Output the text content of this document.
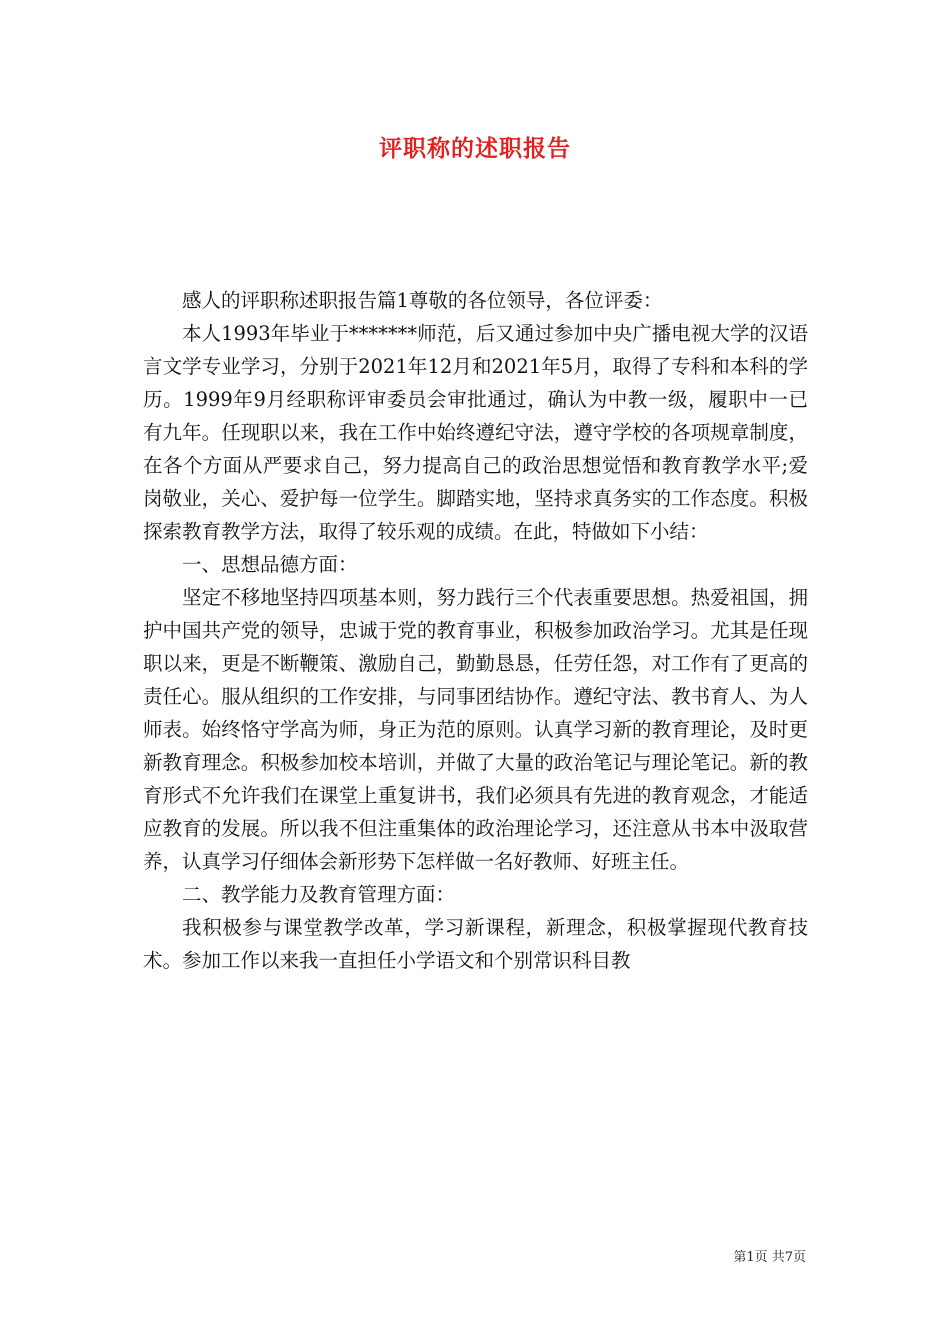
评职称的述职报告

感人的评职称述职报告篇1尊敬的各位领导，各位评委：

本人1993年毕业于*******师范，后又通过参加中央广播电视大学的汉语言文学专业学习，分别于2021年12月和2021年5月，取得了专科和本科的学历。1999年9月经职称评审委员会审批通过，确认为中教一级，履职中一已有九年。任现职以来，我在工作中始终遵纪守法，遵守学校的各项规章制度，在各个方面从严要求自己，努力提高自己的政治思想觉悟和教育教学水平;爱岗敬业，关心、爱护每一位学生。脚踏实地，坚持求真务实的工作态度。积极探索教育教学方法，取得了较乐观的成绩。在此，特做如下小结：

一、思想品德方面：

坚定不移地坚持四项基本则，努力践行三个代表重要思想。热爱祖国，拥护中国共产党的领导，忠诚于党的教育事业，积极参加政治学习。尤其是任现职以来，更是不断鞭策、激励自己，勤勤恳恳，任劳任怨，对工作有了更高的责任心。服从组织的工作安排，与同事团结协作。遵纪守法、教书育人、为人师表。始终恪守学高为师，身正为范的原则。认真学习新的教育理论，及时更新教育理念。积极参加校本培训，并做了大量的政治笔记与理论笔记。新的教育形式不允许我们在课堂上重复讲书，我们必须具有先进的教育观念，才能适应教育的发展。所以我不但注重集体的政治理论学习，还注意从书本中汲取营养，认真学习仔细体会新形势下怎样做一名好教师、好班主任。

二、教学能力及教育管理方面：

我积极参与课堂教学改革，学习新课程，新理念，积极掌握现代教育技术。参加工作以来我一直担任小学语文和个别常识科目教

第1页 共7页
